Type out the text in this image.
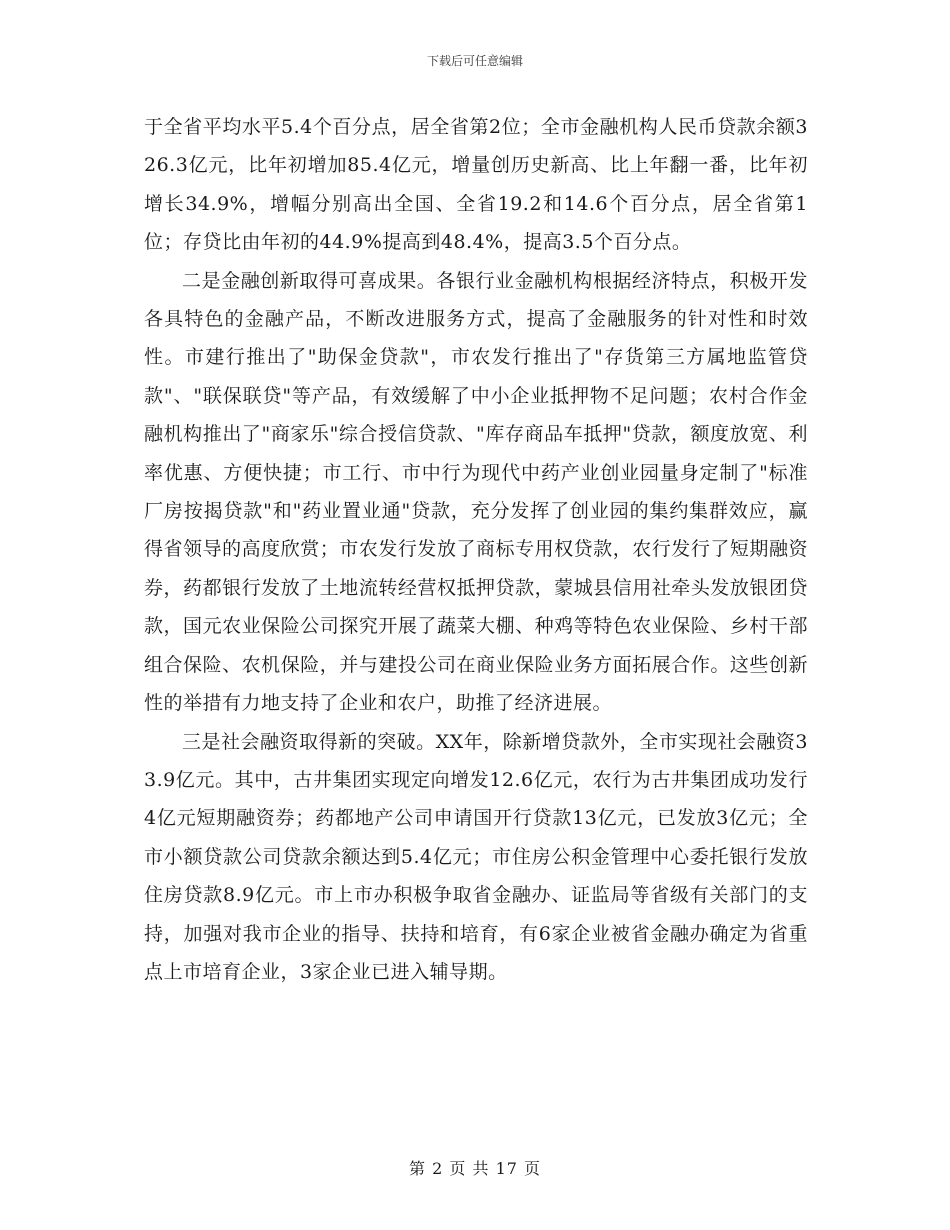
下载后可任意编辑

于全省平均水平5.4个百分点，居全省第2位；全市金融机构人民币贷款余额326.3亿元，比年初增加85.4亿元，增量创历史新高、比上年翻一番，比年初增长34.9%，增幅分别高出全国、全省19.2和14.6个百分点，居全省第1位；存贷比由年初的44.9%提高到48.4%，提高3.5个百分点。

二是金融创新取得可喜成果。各银行业金融机构根据经济特点，积极开发各具特色的金融产品，不断改进服务方式，提高了金融服务的针对性和时效性。市建行推出了"助保金贷款"，市农发行推出了"存货第三方属地监管贷款"、"联保联贷"等产品，有效缓解了中小企业抵押物不足问题；农村合作金融机构推出了"商家乐"综合授信贷款、"库存商品车抵押"贷款，额度放宽、利率优惠、方便快捷；市工行、市中行为现代中药产业创业园量身定制了"标准厂房按揭贷款"和"药业置业通"贷款，充分发挥了创业园的集约集群效应，赢得省领导的高度欣赏；市农发行发放了商标专用权贷款，农行发行了短期融资券，药都银行发放了土地流转经营权抵押贷款，蒙城县信用社牵头发放银团贷款，国元农业保险公司探究开展了蔬菜大棚、种鸡等特色农业保险、乡村干部组合保险、农机保险，并与建投公司在商业保险业务方面拓展合作。这些创新性的举措有力地支持了企业和农户，助推了经济进展。

三是社会融资取得新的突破。XX年，除新增贷款外，全市实现社会融资33.9亿元。其中，古井集团实现定向增发12.6亿元，农行为古井集团成功发行4亿元短期融资券；药都地产公司申请国开行贷款13亿元，已发放3亿元；全市小额贷款公司贷款余额达到5.4亿元；市住房公积金管理中心委托银行发放住房贷款8.9亿元。市上市办积极争取省金融办、证监局等省级有关部门的支持，加强对我市企业的指导、扶持和培育，有6家企业被省金融办确定为省重点上市培育企业，3家企业已进入辅导期。

第 2 页 共 17 页
